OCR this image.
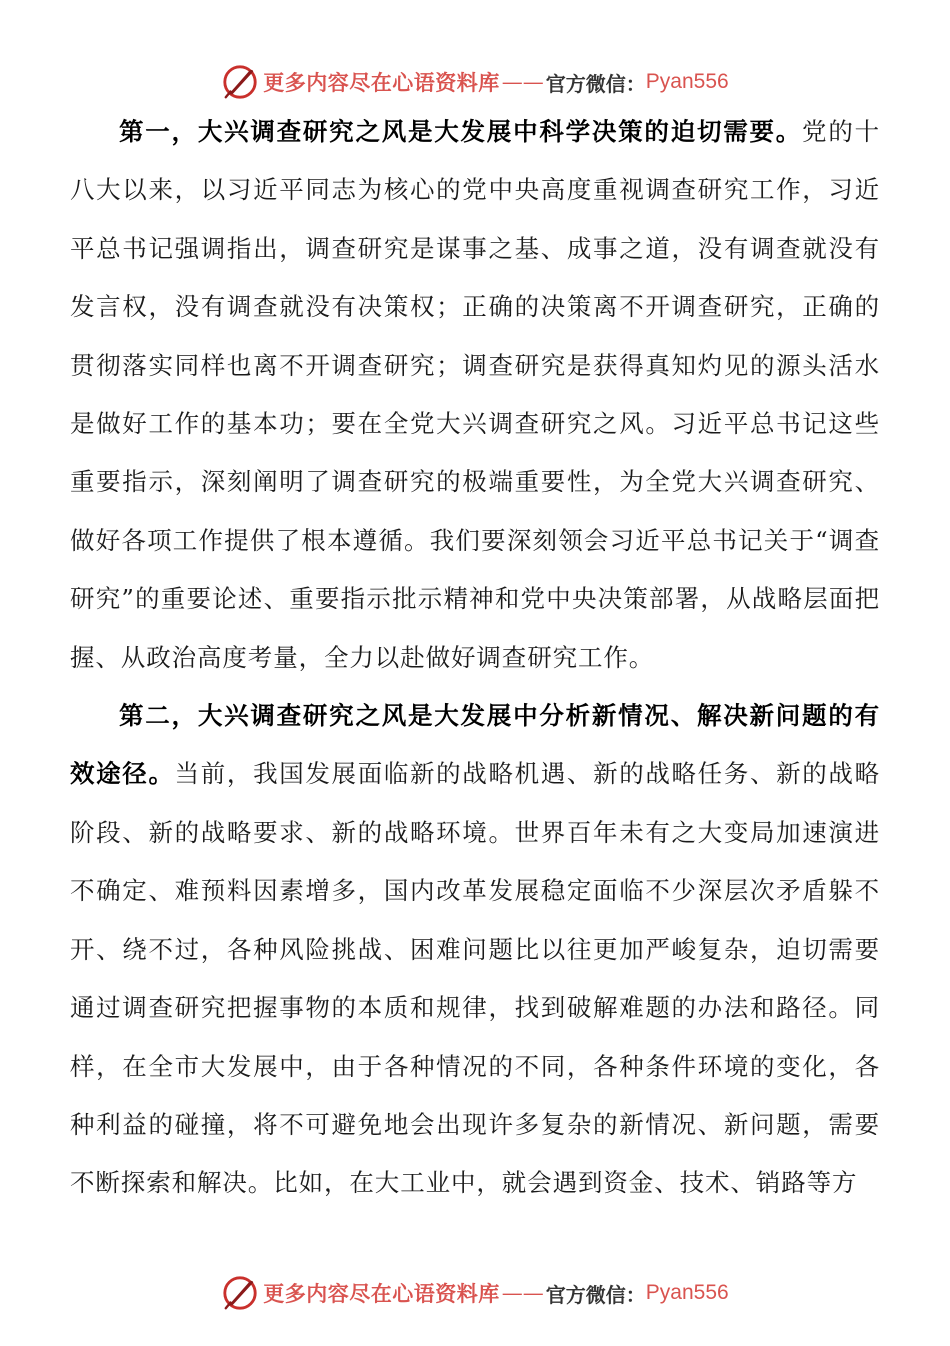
更多内容尽在心语资料库 —— 官方微信： Pyan556

第一，大兴调查研究之风是大发展中科学决策的迫切需要。党的十八大以来，以习近平同志为核心的党中央高度重视调查研究工作，习近平总书记强调指出，调查研究是谋事之基、成事之道，没有调查就没有发言权，没有调查就没有决策权；正确的决策离不开调查研究，正确的贯彻落实同样也离不开调查研究；调查研究是获得真知灼见的源头活水是做好工作的基本功；要在全党大兴调查研究之风。习近平总书记这些重要指示，深刻阐明了调查研究的极端重要性，为全党大兴调查研究、做好各项工作提供了根本遵循。我们要深刻领会习近平总书记关于“调查研究”的重要论述、重要指示批示精神和党中央决策部署，从战略层面把握、从政治高度考量，全力以赴做好调查研究工作。

第二，大兴调查研究之风是大发展中分析新情况、解决新问题的有效途径。当前，我国发展面临新的战略机遇、新的战略任务、新的战略阶段、新的战略要求、新的战略环境。世界百年未有之大变局加速演进不确定、难预料因素增多，国内改革发展稳定面临不少深层次矛盾躲不开、绕不过，各种风险挑战、困难问题比以往更加严峻复杂，迫切需要通过调查研究把握事物的本质和规律，找到破解难题的办法和路径。同样，在全市大发展中，由于各种情况的不同，各种条件环境的变化，各种利益的碰撞，将不可避免地会出现许多复杂的新情况、新问题，需要不断探索和解决。比如，在大工业中，就会遇到资金、技术、销路等方

更多内容尽在心语资料库 —— 官方微信： Pyan556
